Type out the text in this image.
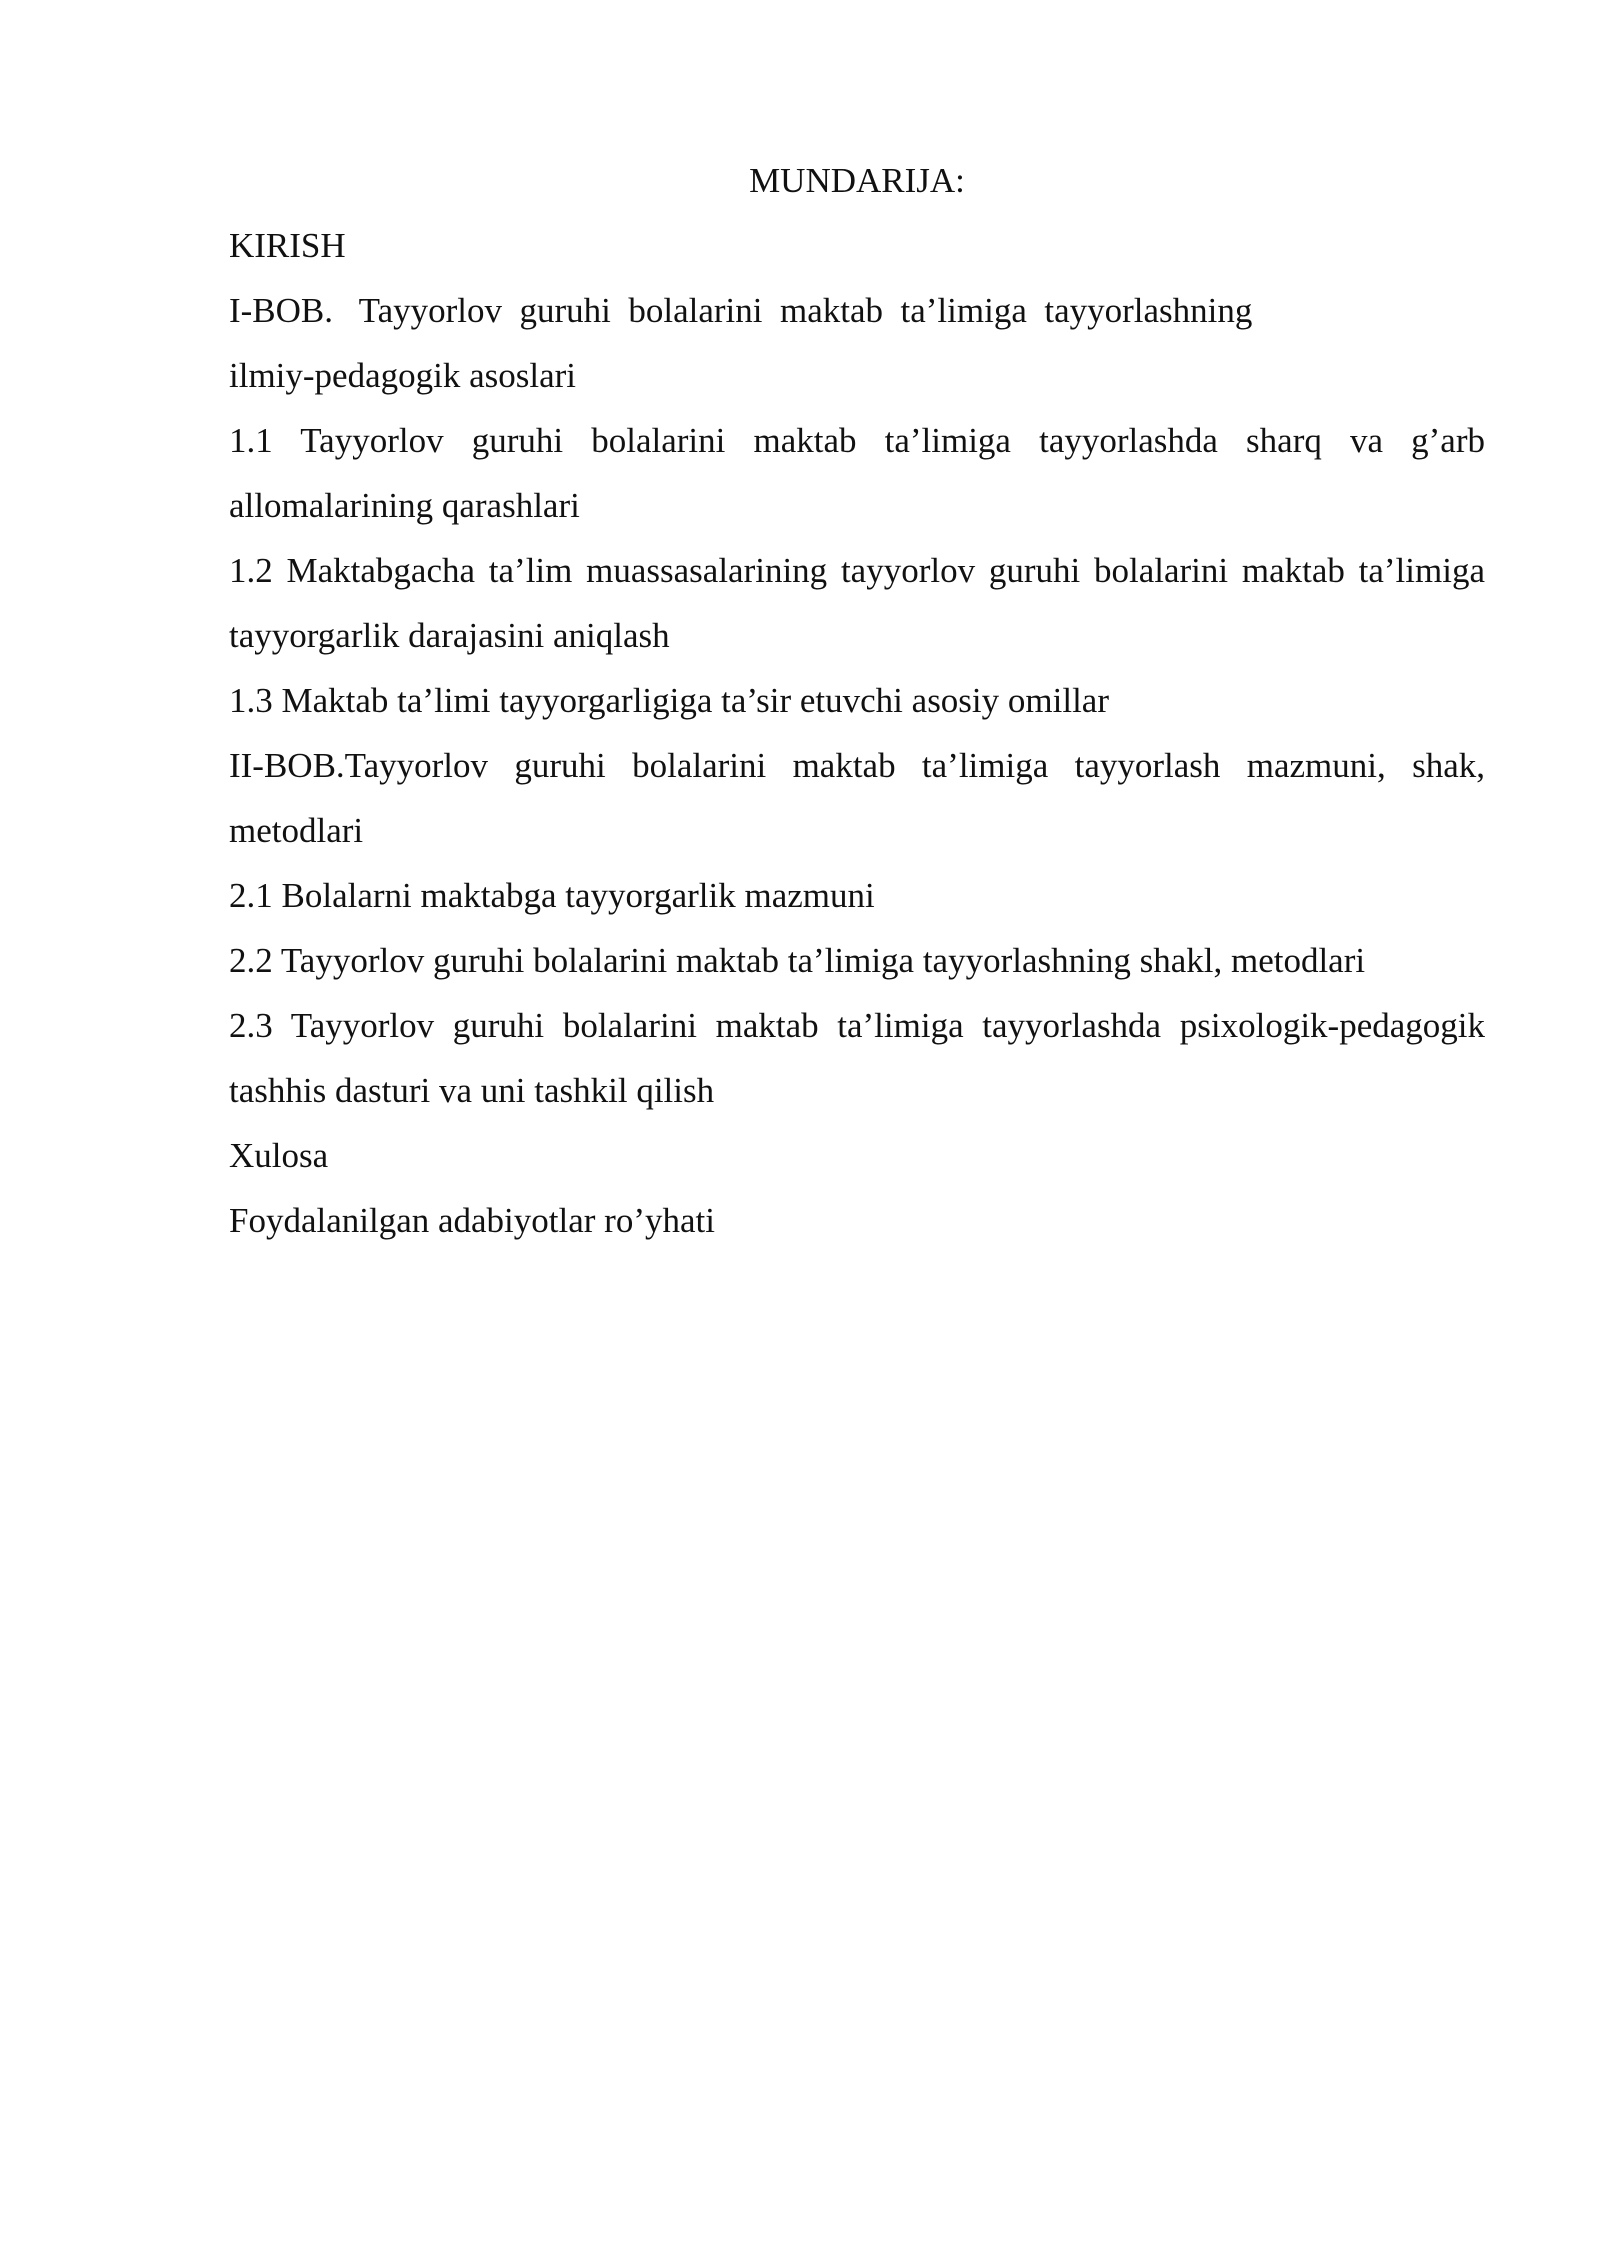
MUNDARIJA:

KIRISH

I-BOB.   Tayyorlov  guruhi  bolalarini  maktab  ta’limiga  tayyorlashning

ilmiy-pedagogik asoslari

1.1 Tayyorlov guruhi bolalarini maktab ta’limiga tayyorlashda sharq va g’arb allomalarining qarashlari

1.2 Maktabgacha ta’lim muassasalarining tayyorlov guruhi bolalarini maktab ta’limiga tayyorgarlik darajasini aniqlash

1.3 Maktab ta’limi tayyorgarligiga ta’sir etuvchi asosiy omillar

II-BOB.Tayyorlov guruhi bolalarini maktab ta’limiga tayyorlash mazmuni, shak, metodlari

2.1 Bolalarni maktabga tayyorgarlik mazmuni

2.2 Tayyorlov guruhi bolalarini maktab ta’limiga tayyorlashning shakl, metodlari

2.3 Tayyorlov guruhi bolalarini maktab ta’limiga tayyorlashda psixologik-pedagogik tashhis dasturi va uni tashkil qilish

Xulosa

Foydalanilgan adabiyotlar ro’yhati
